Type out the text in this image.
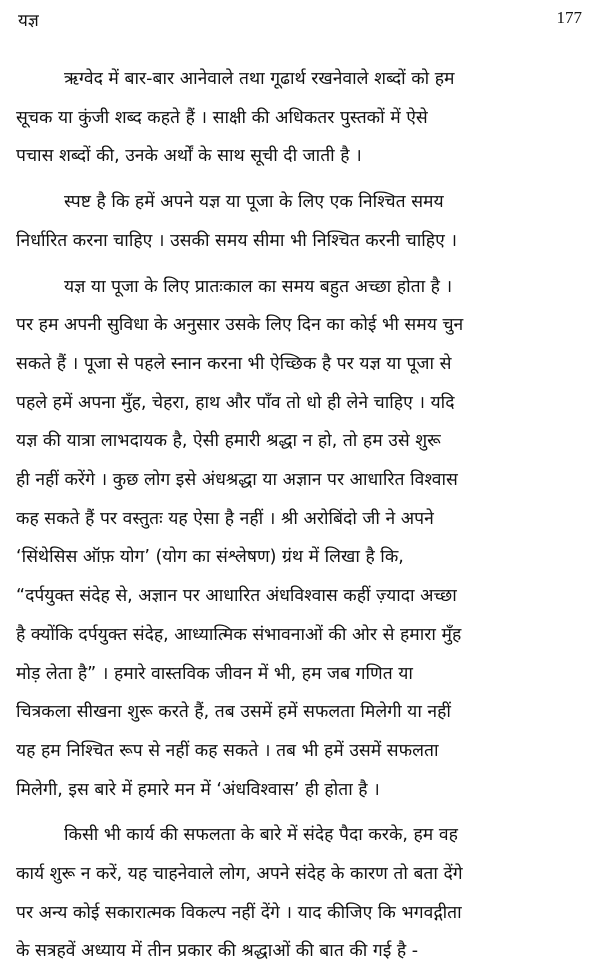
यज्ञ	177

ऋग्वेद में बार-बार आनेवाले तथा गूढार्थ रखनेवाले शब्दों को हम
सूचक या कुंजी शब्द कहते हैं । साक्षी की अधिकतर पुस्तकों में ऐसे
पचास शब्दों की, उनके अर्थों के साथ सूची दी जाती है ।

स्पष्ट है कि हमें अपने यज्ञ या पूजा के लिए एक निश्चित समय
निर्धारित करना चाहिए । उसकी समय सीमा भी निश्चित करनी चाहिए ।

यज्ञ या पूजा के लिए प्रातःकाल का समय बहुत अच्छा होता है ।
पर हम अपनी सुविधा के अनुसार उसके लिए दिन का कोई भी समय चुन
सकते हैं । पूजा से पहले स्नान करना भी ऐच्छिक है पर यज्ञ या पूजा से
पहले हमें अपना मुँह, चेहरा, हाथ और पाँव तो धो ही लेने चाहिए । यदि
यज्ञ की यात्रा लाभदायक है, ऐसी हमारी श्रद्धा न हो, तो हम उसे शुरू
ही नहीं करेंगे । कुछ लोग इसे अंधश्रद्धा या अज्ञान पर आधारित विश्वास
कह सकते हैं पर वस्तुतः यह ऐसा है नहीं । श्री अरोबिंदो जी ने अपने
‘सिंथेसिस ऑफ़ योग’ (योग का संश्लेषण) ग्रंथ में लिखा है कि,
“दर्पयुक्त संदेह से, अज्ञान पर आधारित अंधविश्वास कहीं ज़्यादा अच्छा
है क्योंकि दर्पयुक्त संदेह, आध्यात्मिक संभावनाओं की ओर से हमारा मुँह
मोड़ लेता है” । हमारे वास्तविक जीवन में भी, हम जब गणित या
चित्रकला सीखना शुरू करते हैं, तब उसमें हमें सफलता मिलेगी या नहीं
यह हम निश्चित रूप से नहीं कह सकते । तब भी हमें उसमें सफलता
मिलेगी, इस बारे में हमारे मन में ‘अंधविश्वास’ ही होता है ।

किसी भी कार्य की सफलता के बारे में संदेह पैदा करके, हम वह
कार्य शुरू न करें, यह चाहनेवाले लोग, अपने संदेह के कारण तो बता देंगे
पर अन्य कोई सकारात्मक विकल्प नहीं देंगे । याद कीजिए कि भगवद्गीता
के सत्रहवें अध्याय में तीन प्रकार की श्रद्धाओं की बात की गई है -
